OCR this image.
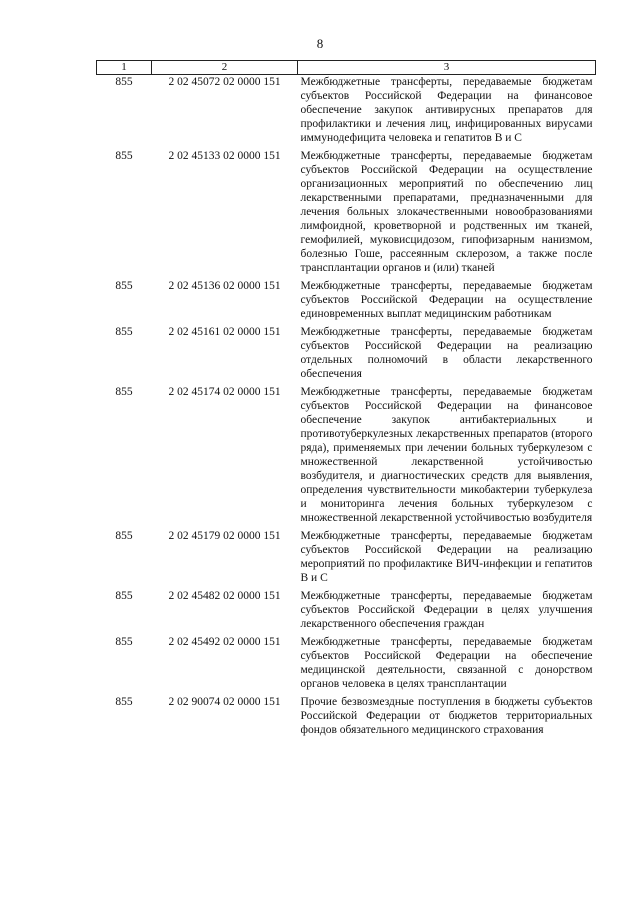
8
1	2	3
855	2 02 45072 02 0000 151	Межбюджетные трансферты, передаваемые бюджетам субъектов Российской Федерации на финансовое обеспечение закупок антивирусных препаратов для профилактики и лечения лиц, инфицированных вирусами иммунодефицита человека и гепатитов В и С
855	2 02 45133 02 0000 151	Межбюджетные трансферты, передаваемые бюджетам субъектов Российской Федерации на осуществление организационных мероприятий по обеспечению лиц лекарственными препаратами, предназначенными для лечения больных злокачественными новообразованиями лимфоидной, кроветворной и родственных им тканей, гемофилией, муковисцидозом, гипофизарным нанизмом, болезнью Гоше, рассеянным склерозом, а также после трансплантации органов и (или) тканей
855	2 02 45136 02 0000 151	Межбюджетные трансферты, передаваемые бюджетам субъектов Российской Федерации на осуществление единовременных выплат медицинским работникам
855	2 02 45161 02 0000 151	Межбюджетные трансферты, передаваемые бюджетам субъектов Российской Федерации на реализацию отдельных полномочий в области лекарственного обеспечения
855	2 02 45174 02 0000 151	Межбюджетные трансферты, передаваемые бюджетам субъектов Российской Федерации на финансовое обеспечение закупок антибактериальных и противотуберкулезных лекарственных препаратов (второго ряда), применяемых при лечении больных туберкулезом с множественной лекарственной устойчивостью возбудителя, и диагностических средств для выявления, определения чувствительности микобактерии туберкулеза и мониторинга лечения больных туберкулезом с множественной лекарственной устойчивостью возбудителя
855	2 02 45179 02 0000 151	Межбюджетные трансферты, передаваемые бюджетам субъектов Российской Федерации на реализацию мероприятий по профилактике ВИЧ-инфекции и гепатитов В и С
855	2 02 45482 02 0000 151	Межбюджетные трансферты, передаваемые бюджетам субъектов Российской Федерации в целях улучшения лекарственного обеспечения граждан
855	2 02 45492 02 0000 151	Межбюджетные трансферты, передаваемые бюджетам субъектов Российской Федерации на обеспечение медицинской деятельности, связанной с донорством органов человека в целях трансплантации
855	2 02 90074 02 0000 151	Прочие безвозмездные поступления в бюджеты субъектов Российской Федерации от бюджетов территориальных фондов обязательного медицинского страхования
